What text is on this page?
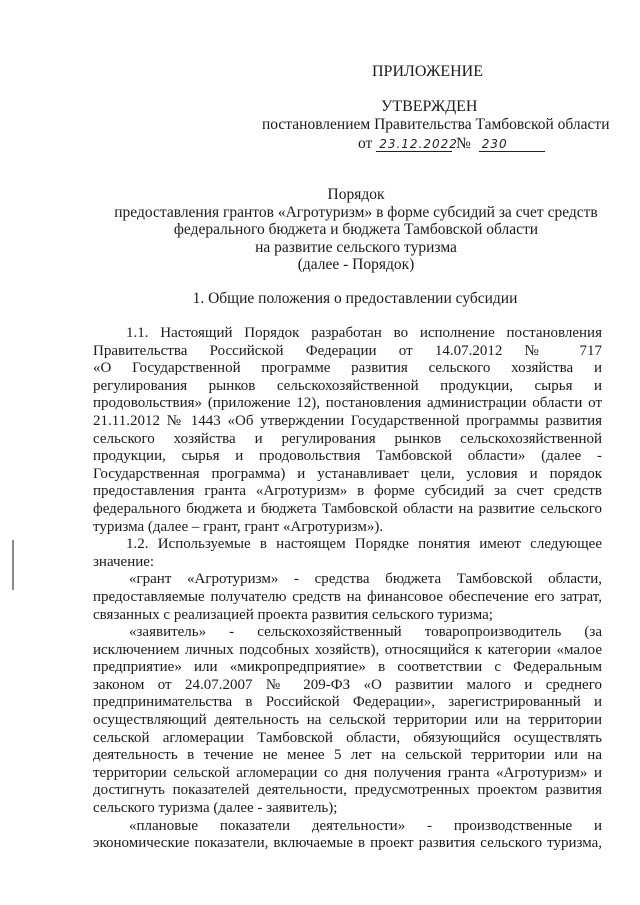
ПРИЛОЖЕНИЕ
УТВЕРЖДЕН
постановлением Правительства Тамбовской области
от 23.12.2022 № 230
Порядок
предоставления грантов «Агротуризм» в форме субсидий за счет средств
федерального бюджета и бюджета Тамбовской области
на развитие сельского туризма
(далее - Порядок)
1. Общие положения о предоставлении субсидии
1.1. Настоящий Порядок разработан во исполнение постановления
Правительства Российской Федерации от 14.07.2012 № 717
«О Государственной программе развития сельского хозяйства и
регулирования рынков сельскохозяйственной продукции, сырья и
продовольствия» (приложение 12), постановления администрации области от
21.11.2012 № 1443 «Об утверждении Государственной программы развития
сельского хозяйства и регулирования рынков сельскохозяйственной
продукции, сырья и продовольствия Тамбовской области» (далее -
Государственная программа) и устанавливает цели, условия и порядок
предоставления гранта «Агротуризм» в форме субсидий за счет средств
федерального бюджета и бюджета Тамбовской области на развитие сельского
туризма (далее – грант, грант «Агротуризм»).
1.2. Используемые в настоящем Порядке понятия имеют следующее
значение:
«грант «Агротуризм» - средства бюджета Тамбовской области,
предоставляемые получателю средств на финансовое обеспечение его затрат,
связанных с реализацией проекта развития сельского туризма;
«заявитель» - сельскохозяйственный товаропроизводитель (за
исключением личных подсобных хозяйств), относящийся к категории «малое
предприятие» или «микропредприятие» в соответствии с Федеральным
законом от 24.07.2007 № 209-ФЗ «О развитии малого и среднего
предпринимательства в Российской Федерации», зарегистрированный и
осуществляющий деятельность на сельской территории или на территории
сельской агломерации Тамбовской области, обязующийся осуществлять
деятельность в течение не менее 5 лет на сельской территории или на
территории сельской агломерации со дня получения гранта «Агротуризм» и
достигнуть показателей деятельности, предусмотренных проектом развития
сельского туризма (далее - заявитель);
«плановые показатели деятельности» - производственные и
экономические показатели, включаемые в проект развития сельского туризма,
